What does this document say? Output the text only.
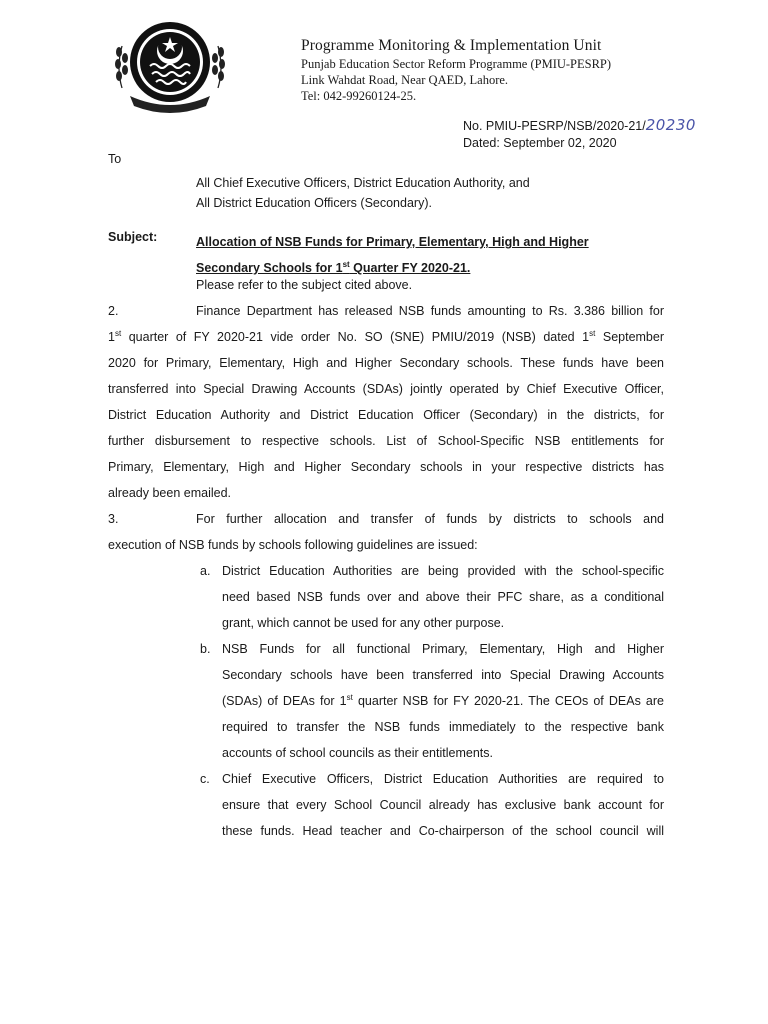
Programme Monitoring & Implementation Unit
Punjab Education Sector Reform Programme (PMIU-PESRP)
Link Wahdat Road, Near QAED, Lahore.
Tel: 042-99260124-25.
No. PMIU-PESRP/NSB/2020-21/20230
Dated: September 02, 2020
To
All Chief Executive Officers, District Education Authority, and
All District Education Officers (Secondary).
Subject:	Allocation of NSB Funds for Primary, Elementary, High and Higher
Secondary Schools for 1st Quarter FY 2020-21.
Please refer to the subject cited above.
2.	Finance Department has released NSB funds amounting to Rs. 3.386 billion for
1st quarter of FY 2020-21 vide order No. SO (SNE) PMIU/2019 (NSB) dated 1st September
2020 for Primary, Elementary, High and Higher Secondary schools. These funds have been
transferred into Special Drawing Accounts (SDAs) jointly operated by Chief Executive Officer,
District Education Authority and District Education Officer (Secondary) in the districts, for
further disbursement to respective schools. List of School-Specific NSB entitlements for
Primary, Elementary, High and Higher Secondary schools in your respective districts has
already been emailed.
3.	For further allocation and transfer of funds by districts to schools and
execution of NSB funds by schools following guidelines are issued:
a. District Education Authorities are being provided with the school-specific
need based NSB funds over and above their PFC share, as a conditional
grant, which cannot be used for any other purpose.
b. NSB Funds for all functional Primary, Elementary, High and Higher
Secondary schools have been transferred into Special Drawing Accounts
(SDAs) of DEAs for 1st quarter NSB for FY 2020-21. The CEOs of DEAs are
required to transfer the NSB funds immediately to the respective bank
accounts of school councils as their entitlements.
c. Chief Executive Officers, District Education Authorities are required to
ensure that every School Council already has exclusive bank account for
these funds. Head teacher and Co-chairperson of the school council will
